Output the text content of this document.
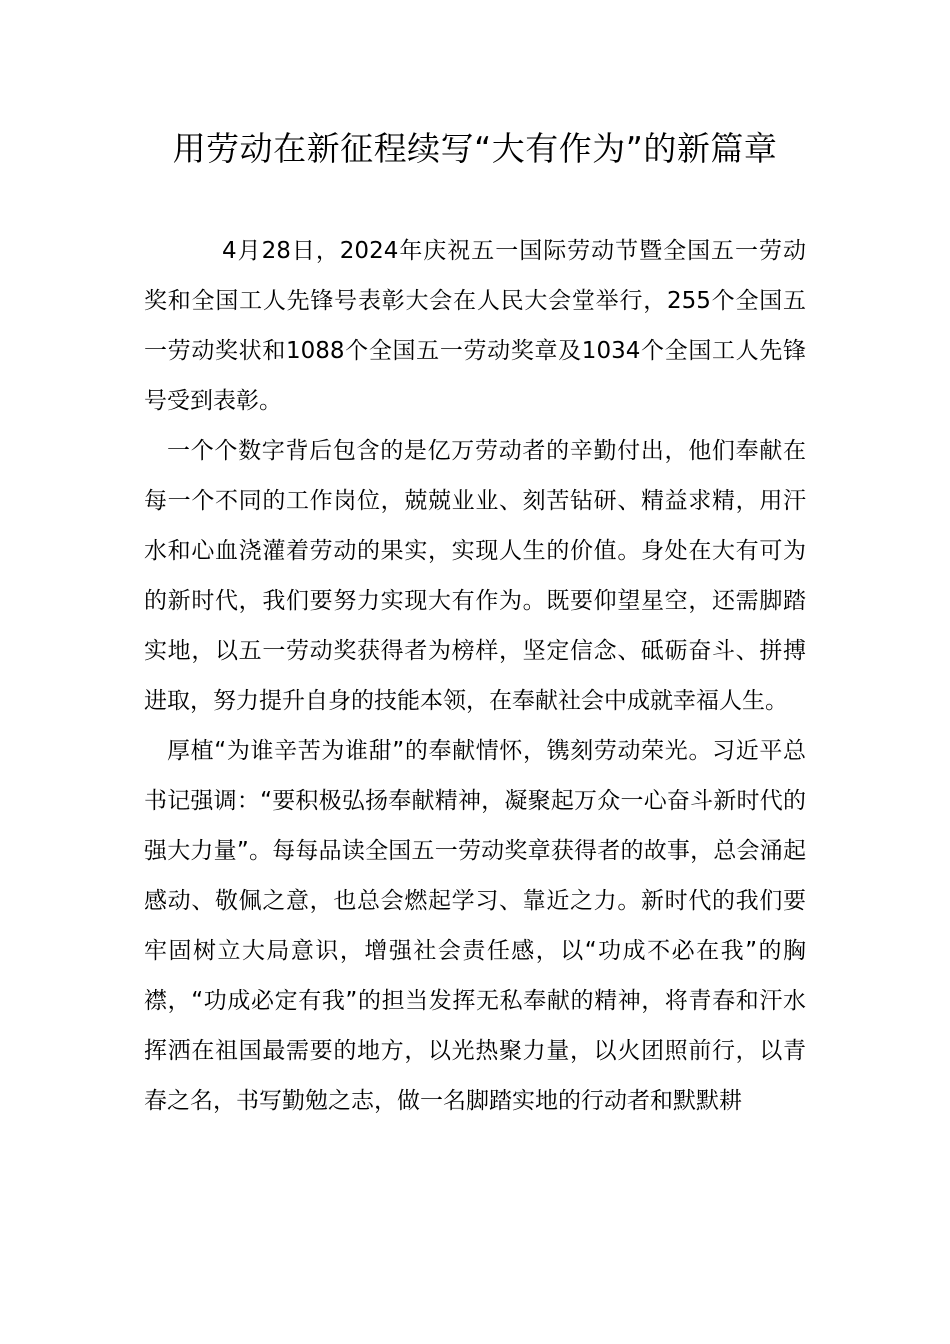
用劳动在新征程续写“大有作为”的新篇章

4月28日，2024年庆祝五一国际劳动节暨全国五一劳动奖和全国工人先锋号表彰大会在人民大会堂举行，255个全国五一劳动奖状和1088个全国五一劳动奖章及1034个全国工人先锋号受到表彰。

一个个数字背后包含的是亿万劳动者的辛勤付出，他们奉献在每一个不同的工作岗位，兢兢业业、刻苦钻研、精益求精，用汗水和心血浇灌着劳动的果实，实现人生的价值。身处在大有可为的新时代，我们要努力实现大有作为。既要仰望星空，还需脚踏实地，以五一劳动奖获得者为榜样，坚定信念、砥砺奋斗、拼搏进取，努力提升自身的技能本领，在奉献社会中成就幸福人生。

厚植“为谁辛苦为谁甜”的奉献情怀，镌刻劳动荣光。习近平总书记强调：“要积极弘扬奉献精神，凝聚起万众一心奋斗新时代的强大力量”。每每品读全国五一劳动奖章获得者的故事，总会涌起感动、敬佩之意，也总会燃起学习、靠近之力。新时代的我们要牢固树立大局意识，增强社会责任感，以“功成不必在我”的胸襟，“功成必定有我”的担当发挥无私奉献的精神，将青春和汗水挥洒在祖国最需要的地方，以光热聚力量，以火团照前行，以青春之名，书写勤勉之志，做一名脚踏实地的行动者和默默耕
